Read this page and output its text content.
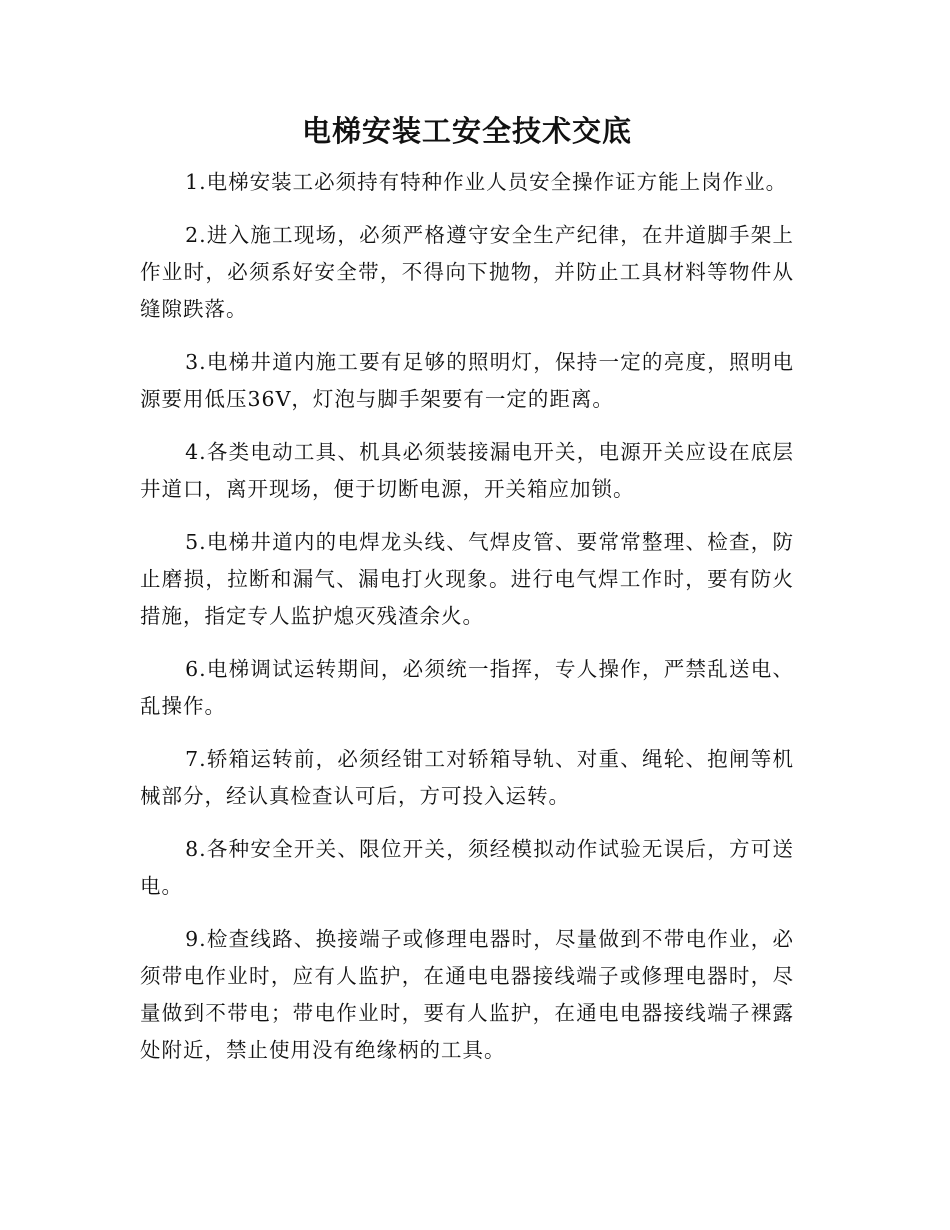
电梯安装工安全技术交底

1.电梯安装工必须持有特种作业人员安全操作证方能上岗作业。

2.进入施工现场，必须严格遵守安全生产纪律，在井道脚手架上作业时，必须系好安全带，不得向下抛物，并防止工具材料等物件从缝隙跌落。

3.电梯井道内施工要有足够的照明灯，保持一定的亮度，照明电源要用低压36V，灯泡与脚手架要有一定的距离。

4.各类电动工具、机具必须装接漏电开关，电源开关应设在底层井道口，离开现场，便于切断电源，开关箱应加锁。

5.电梯井道内的电焊龙头线、气焊皮管、要常常整理、检查，防止磨损，拉断和漏气、漏电打火现象。进行电气焊工作时，要有防火措施，指定专人监护熄灭残渣余火。

6.电梯调试运转期间，必须统一指挥，专人操作，严禁乱送电、乱操作。

7.轿箱运转前，必须经钳工对轿箱导轨、对重、绳轮、抱闸等机械部分，经认真检查认可后，方可投入运转。

8.各种安全开关、限位开关，须经模拟动作试验无误后，方可送电。

9.检查线路、换接端子或修理电器时，尽量做到不带电作业，必须带电作业时，应有人监护，在通电电器接线端子或修理电器时，尽量做到不带电；带电作业时，要有人监护，在通电电器接线端子裸露处附近，禁止使用没有绝缘柄的工具。
